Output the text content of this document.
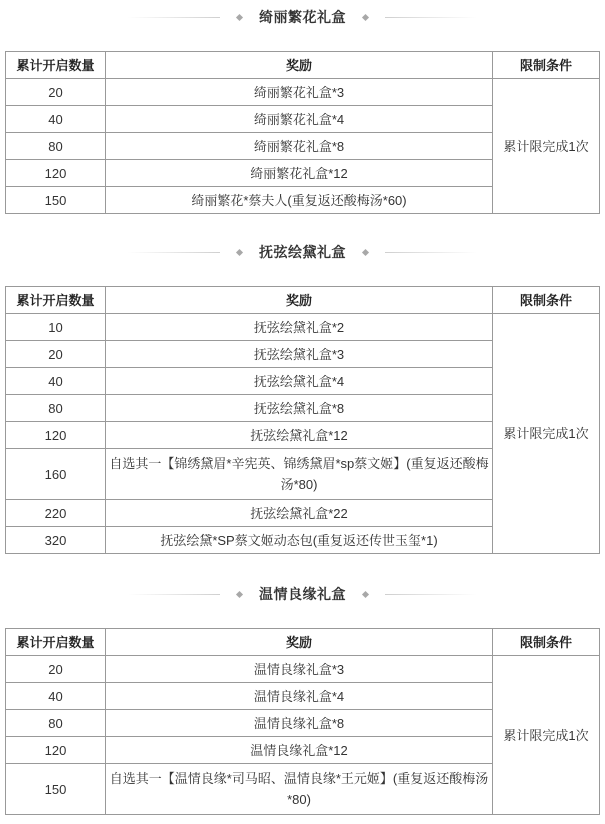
绮丽繁花礼盒
累计开启数量	奖励	限制条件
20	绮丽繁花礼盒*3	累计限完成1次
40	绮丽繁花礼盒*4	
80	绮丽繁花礼盒*8	
120	绮丽繁花礼盒*12	
150	绮丽繁花*蔡夫人(重复返还酸梅汤*60)	
抚弦绘黛礼盒
累计开启数量	奖励	限制条件
10	抚弦绘黛礼盒*2	累计限完成1次
20	抚弦绘黛礼盒*3	
40	抚弦绘黛礼盒*4	
80	抚弦绘黛礼盒*8	
120	抚弦绘黛礼盒*12	
160	自选其一【锦绣黛眉*辛宪英、锦绣黛眉*sp蔡文姬】(重复返还酸梅汤*80)	
220	抚弦绘黛礼盒*22	
320	抚弦绘黛*SP蔡文姬动态包(重复返还传世玉玺*1)	
温情良缘礼盒
累计开启数量	奖励	限制条件
20	温情良缘礼盒*3	累计限完成1次
40	温情良缘礼盒*4	
80	温情良缘礼盒*8	
120	温情良缘礼盒*12	
150	自选其一【温情良缘*司马昭、温情良缘*王元姬】(重复返还酸梅汤*80)	
